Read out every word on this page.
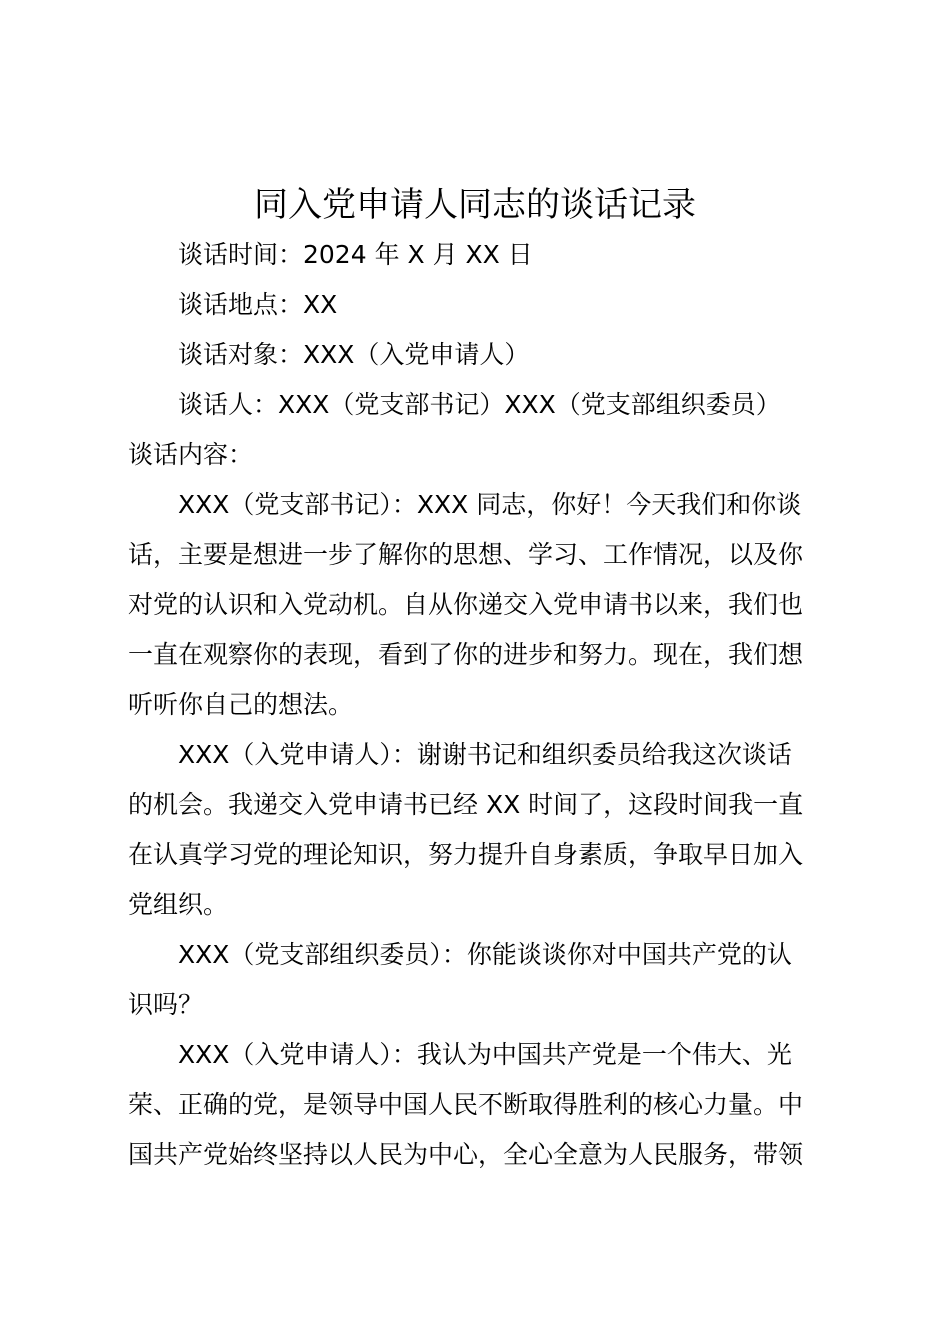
同入党申请人同志的谈话记录

谈话时间：2024 年 X 月 XX 日

谈话地点：XX

谈话对象：XXX（入党申请人）

谈话人：XXX（党支部书记）XXX（党支部组织委员）

谈话内容：

XXX（党支部书记）：XXX 同志，你好！今天我们和你谈

话，主要是想进一步了解你的思想、学习、工作情况，以及你

对党的认识和入党动机。自从你递交入党申请书以来，我们也

一直在观察你的表现，看到了你的进步和努力。现在，我们想

听听你自己的想法。

XXX（入党申请人）：谢谢书记和组织委员给我这次谈话

的机会。我递交入党申请书已经 XX 时间了，这段时间我一直

在认真学习党的理论知识，努力提升自身素质，争取早日加入

党组织。

XXX（党支部组织委员）：你能谈谈你对中国共产党的认

识吗？

XXX（入党申请人）：我认为中国共产党是一个伟大、光

荣、正确的党，是领导中国人民不断取得胜利的核心力量。中

国共产党始终坚持以人民为中心，全心全意为人民服务，带领
